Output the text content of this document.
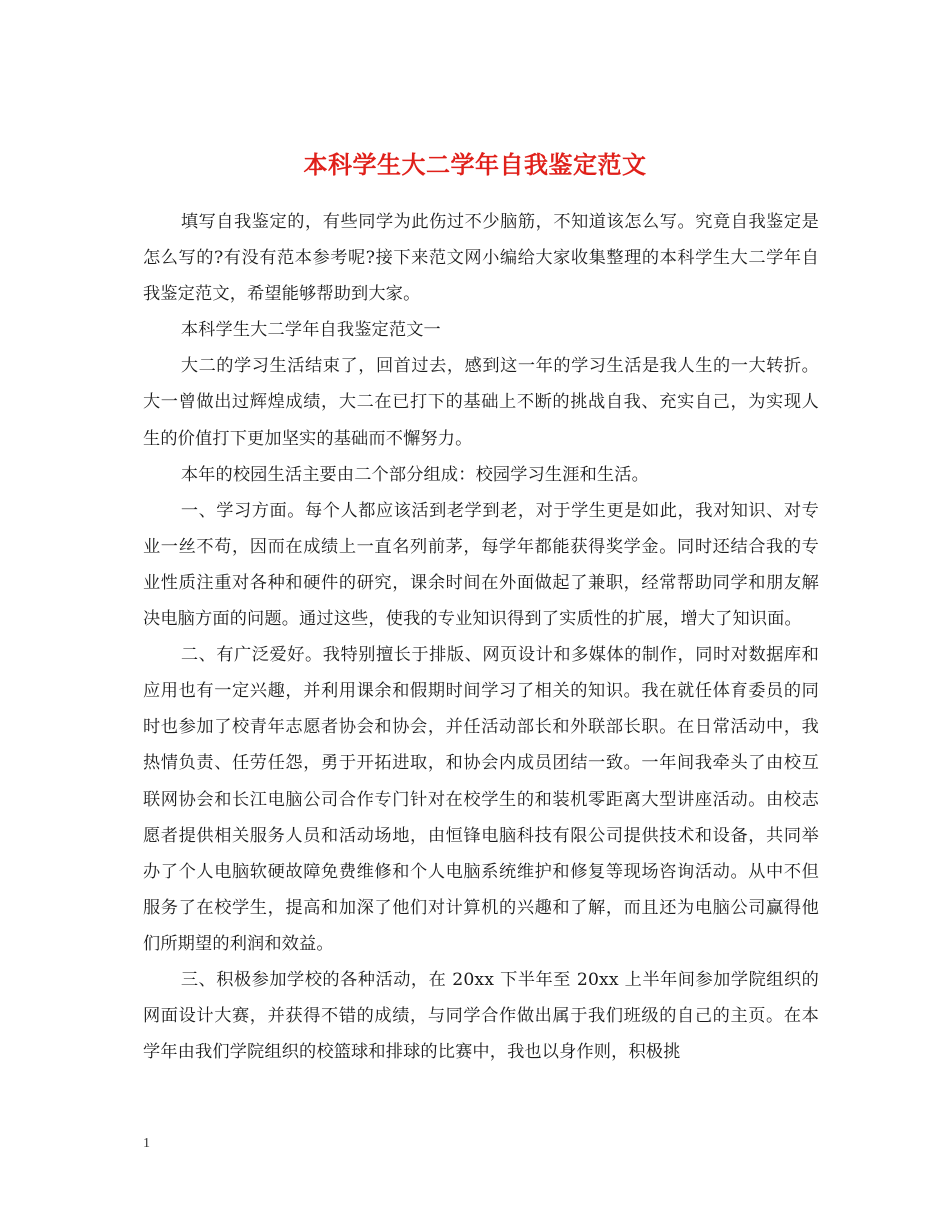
本科学生大二学年自我鉴定范文

填写自我鉴定的，有些同学为此伤过不少脑筋，不知道该怎么写。究竟自我鉴定是怎么写的?有没有范本参考呢?接下来范文网小编给大家收集整理的本科学生大二学年自我鉴定范文，希望能够帮助到大家。

本科学生大二学年自我鉴定范文一

大二的学习生活结束了，回首过去，感到这一年的学习生活是我人生的一大转折。大一曾做出过辉煌成绩，大二在已打下的基础上不断的挑战自我、充实自己，为实现人生的价值打下更加坚实的基础而不懈努力。

本年的校园生活主要由二个部分组成：校园学习生涯和生活。

一、学习方面。每个人都应该活到老学到老，对于学生更是如此，我对知识、对专业一丝不苟，因而在成绩上一直名列前茅，每学年都能获得奖学金。同时还结合我的专业性质注重对各种和硬件的研究，课余时间在外面做起了兼职，经常帮助同学和朋友解决电脑方面的问题。通过这些，使我的专业知识得到了实质性的扩展，增大了知识面。

二、有广泛爱好。我特别擅长于排版、网页设计和多媒体的制作，同时对数据库和应用也有一定兴趣，并利用课余和假期时间学习了相关的知识。我在就任体育委员的同时也参加了校青年志愿者协会和协会，并任活动部长和外联部长职。在日常活动中，我热情负责、任劳任怨，勇于开拓进取，和协会内成员团结一致。一年间我牵头了由校互联网协会和长江电脑公司合作专门针对在校学生的和装机零距离大型讲座活动。由校志愿者提供相关服务人员和活动场地，由恒锋电脑科技有限公司提供技术和设备，共同举办了个人电脑软硬故障免费维修和个人电脑系统维护和修复等现场咨询活动。从中不但服务了在校学生，提高和加深了他们对计算机的兴趣和了解，而且还为电脑公司赢得他们所期望的利润和效益。

三、积极参加学校的各种活动，在 20xx 下半年至 20xx 上半年间参加学院组织的网面设计大赛，并获得不错的成绩，与同学合作做出属于我们班级的自己的主页。在本学年由我们学院组织的校篮球和排球的比赛中，我也以身作则，积极挑

1
